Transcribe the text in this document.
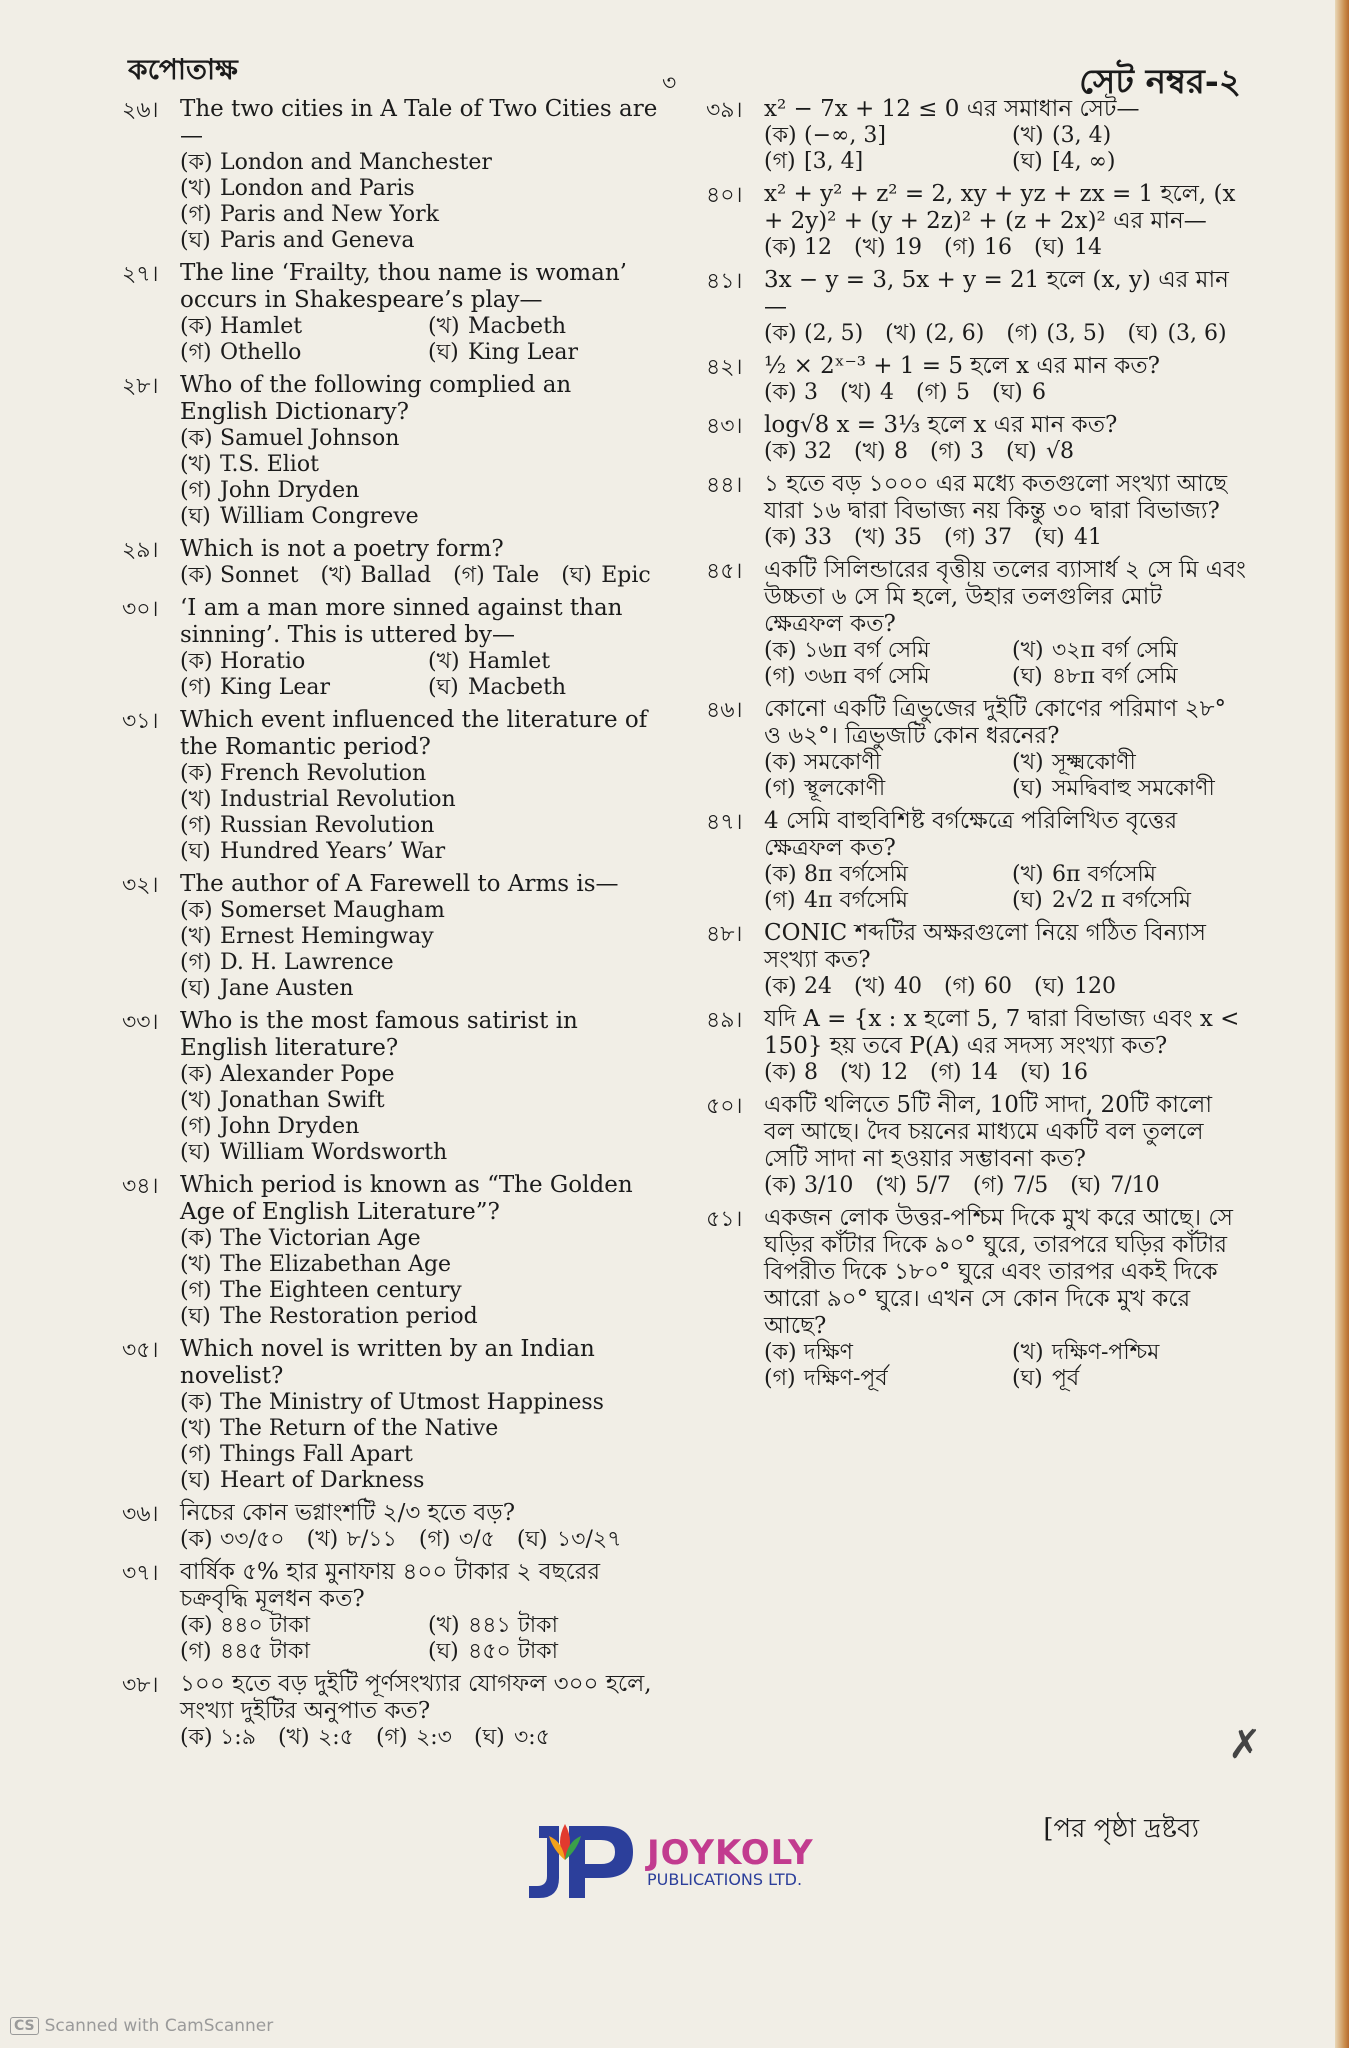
কপোতাক্ষ	৩	সেট নম্বর-২
২৬। The two cities in A Tale of Two Cities are—

(ক) London and Manchester
(খ) London and Paris
(গ) Paris and New York
(ঘ) Paris and Geneva
২৭। The line ‘Frailty, thou name is woman’ occurs in Shakespeare’s play—

(ক) Hamlet	(খ) Macbeth
(গ) Othello	(ঘ) King Lear
২৮। Who of the following complied an English Dictionary?

(ক) Samuel Johnson
(খ) T.S. Eliot
(গ) John Dryden
(ঘ) William Congreve
২৯। Which is not a poetry form?

(ক) Sonnet (খ) Ballad (গ) Tale (ঘ) Epic
৩০। ‘I am a man more sinned against than sinning’. This is uttered by—

(ক) Horatio	(খ) Hamlet
(গ) King Lear	(ঘ) Macbeth
৩১। Which event influenced the literature of the Romantic period?

(ক) French Revolution
(খ) Industrial Revolution
(গ) Russian Revolution
(ঘ) Hundred Years’ War
৩২। The author of A Farewell to Arms is—

(ক) Somerset Maugham
(খ) Ernest Hemingway
(গ) D. H. Lawrence
(ঘ) Jane Austen
৩৩। Who is the most famous satirist in English literature?

(ক) Alexander Pope
(খ) Jonathan Swift
(গ) John Dryden
(ঘ) William Wordsworth
৩৪। Which period is known as “The Golden Age of English Literature”?

(ক) The Victorian Age
(খ) The Elizabethan Age
(গ) The Eighteen century
(ঘ) The Restoration period
৩৫। Which novel is written by an Indian novelist?

(ক) The Ministry of Utmost Happiness
(খ) The Return of the Native
(গ) Things Fall Apart
(ঘ) Heart of Darkness
৩৬। নিচের কোন ভগ্নাংশটি ২/৩ হতে বড়?

(ক) ৩৩/৫০ (খ) ৮/১১ (গ) ৩/৫ (ঘ) ১৩/২৭
৩৭। বার্ষিক ৫% হার মুনাফায় ৪০০ টাকার ২ বছরের চক্রবৃদ্ধি মূলধন কত?

(ক) ৪৪০ টাকা	(খ) ৪৪১ টাকা
(গ) ৪৪৫ টাকা	(ঘ) ৪৫০ টাকা
৩৮। ১০০ হতে বড় দুইটি পূর্ণসংখ্যার যোগফল ৩০০ হলে, সংখ্যা দুইটির অনুপাত কত?

(ক) ১:৯ (খ) ২:৫ (গ) ২:৩ (ঘ) ৩:৫
৩৯। x² − 7x + 12 ≤ 0 এর সমাধান সেট—

(ক) (−∞, 3]	(খ) (3, 4)
(গ) [3, 4]	(ঘ) [4, ∞)
৪০। x² + y² + z² = 2, xy + yz + zx = 1 হলে, (x + 2y)² + (y + 2z)² + (z + 2x)² এর মান—

(ক) 12 (খ) 19 (গ) 16 (ঘ) 14
৪১। 3x − y = 3, 5x + y = 21 হলে (x, y) এর মান—

(ক) (2, 5) (খ) (2, 6) (গ) (3, 5) (ঘ) (3, 6)
৪২। ½ × 2ˣ⁻³ + 1 = 5 হলে x এর মান কত?

(ক) 3 (খ) 4 (গ) 5 (ঘ) 6
৪৩। log√8 x = 3⅓ হলে x এর মান কত?

(ক) 32 (খ) 8 (গ) 3 (ঘ) √8
৪৪। ১ হতে বড় ১০০০ এর মধ্যে কতগুলো সংখ্যা আছে যারা ১৬ দ্বারা বিভাজ্য নয় কিন্তু ৩০ দ্বারা বিভাজ্য?

(ক) 33 (খ) 35 (গ) 37 (ঘ) 41
৪৫। একটি সিলিন্ডারের বৃত্তীয় তলের ব্যাসার্ধ ২ সে মি এবং উচ্চতা ৬ সে মি হলে, উহার তলগুলির মোট ক্ষেত্রফল কত?

(ক) ১৬π বর্গ সেমি	(খ) ৩২π বর্গ সেমি
(গ) ৩৬π বর্গ সেমি	(ঘ) ৪৮π বর্গ সেমি
৪৬। কোনো একটি ত্রিভুজের দুইটি কোণের পরিমাণ ২৮° ও ৬২°। ত্রিভুজটি কোন ধরনের?

(ক) সমকোণী	(খ) সূক্ষ্মকোণী
(গ) স্থূলকোণী	(ঘ) সমদ্বিবাহু সমকোণী
৪৭। 4 সেমি বাহুবিশিষ্ট বর্গক্ষেত্রে পরিলিখিত বৃত্তের ক্ষেত্রফল কত?

(ক) 8π বর্গসেমি	(খ) 6π বর্গসেমি
(গ) 4π বর্গসেমি	(ঘ) 2√2 π বর্গসেমি
৪৮। CONIC শব্দটির অক্ষরগুলো নিয়ে গঠিত বিন্যাস সংখ্যা কত?

(ক) 24 (খ) 40 (গ) 60 (ঘ) 120
৪৯। যদি A = {x : x হলো 5, 7 দ্বারা বিভাজ্য এবং x < 150} হয় তবে P(A) এর সদস্য সংখ্যা কত?

(ক) 8 (খ) 12 (গ) 14 (ঘ) 16
৫০। একটি থলিতে 5টি নীল, 10টি সাদা, 20টি কালো বল আছে। দৈব চয়নের মাধ্যমে একটি বল তুললে সেটি সাদা না হওয়ার সম্ভাবনা কত?

(ক) 3/10 (খ) 5/7 (গ) 7/5 (ঘ) 7/10
৫১। একজন লোক উত্তর-পশ্চিম দিকে মুখ করে আছে। সে ঘড়ির কাঁটার দিকে ৯০° ঘুরে, তারপরে ঘড়ির কাঁটার বিপরীত দিকে ১৮০° ঘুরে এবং তারপর একই দিকে আরো ৯০° ঘুরে। এখন সে কোন দিকে মুখ করে আছে?

(ক) দক্ষিণ	(খ) দক্ষিণ-পশ্চিম
(গ) দক্ষিণ-পূর্ব	(ঘ) পূর্ব
[পর পৃষ্ঠা দ্রষ্টব্য
JOYKOLY
PUBLICATIONS LTD.
✗
CS Scanned with CamScanner
